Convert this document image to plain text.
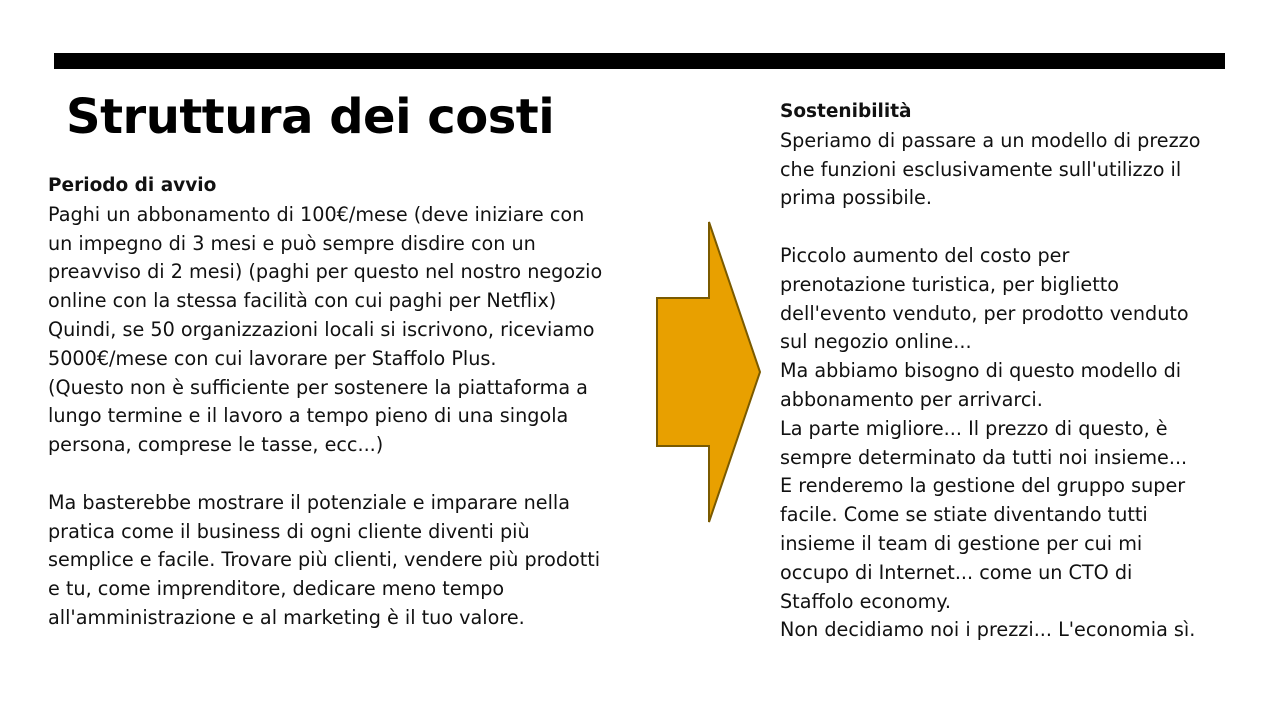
Struttura dei costi
Periodo di avvio
Paghi un abbonamento di 100€/mese (deve iniziare con
un impegno di 3 mesi e può sempre disdire con un
preavviso di 2 mesi) (paghi per questo nel nostro negozio
online con la stessa facilità con cui paghi per Netflix)
Quindi, se 50 organizzazioni locali si iscrivono, riceviamo
5000€/mese con cui lavorare per Staffolo Plus.
(Questo non è sufficiente per sostenere la piattaforma a
lungo termine e il lavoro a tempo pieno di una singola
persona, comprese le tasse, ecc...)
Ma basterebbe mostrare il potenziale e imparare nella
pratica come il business di ogni cliente diventi più
semplice e facile. Trovare più clienti, vendere più prodotti
e tu, come imprenditore, dedicare meno tempo
all'amministrazione e al marketing è il tuo valore.
Sostenibilità
Speriamo di passare a un modello di prezzo
che funzioni esclusivamente sull'utilizzo il
prima possibile.
Piccolo aumento del costo per
prenotazione turistica, per biglietto
dell'evento venduto, per prodotto venduto
sul negozio online...
Ma abbiamo bisogno di questo modello di
abbonamento per arrivarci.
La parte migliore... Il prezzo di questo, è
sempre determinato da tutti noi insieme...
E renderemo la gestione del gruppo super
facile. Come se stiate diventando tutti
insieme il team di gestione per cui mi
occupo di Internet... come un CTO di
Staffolo economy.
Non decidiamo noi i prezzi... L'economia sì.
